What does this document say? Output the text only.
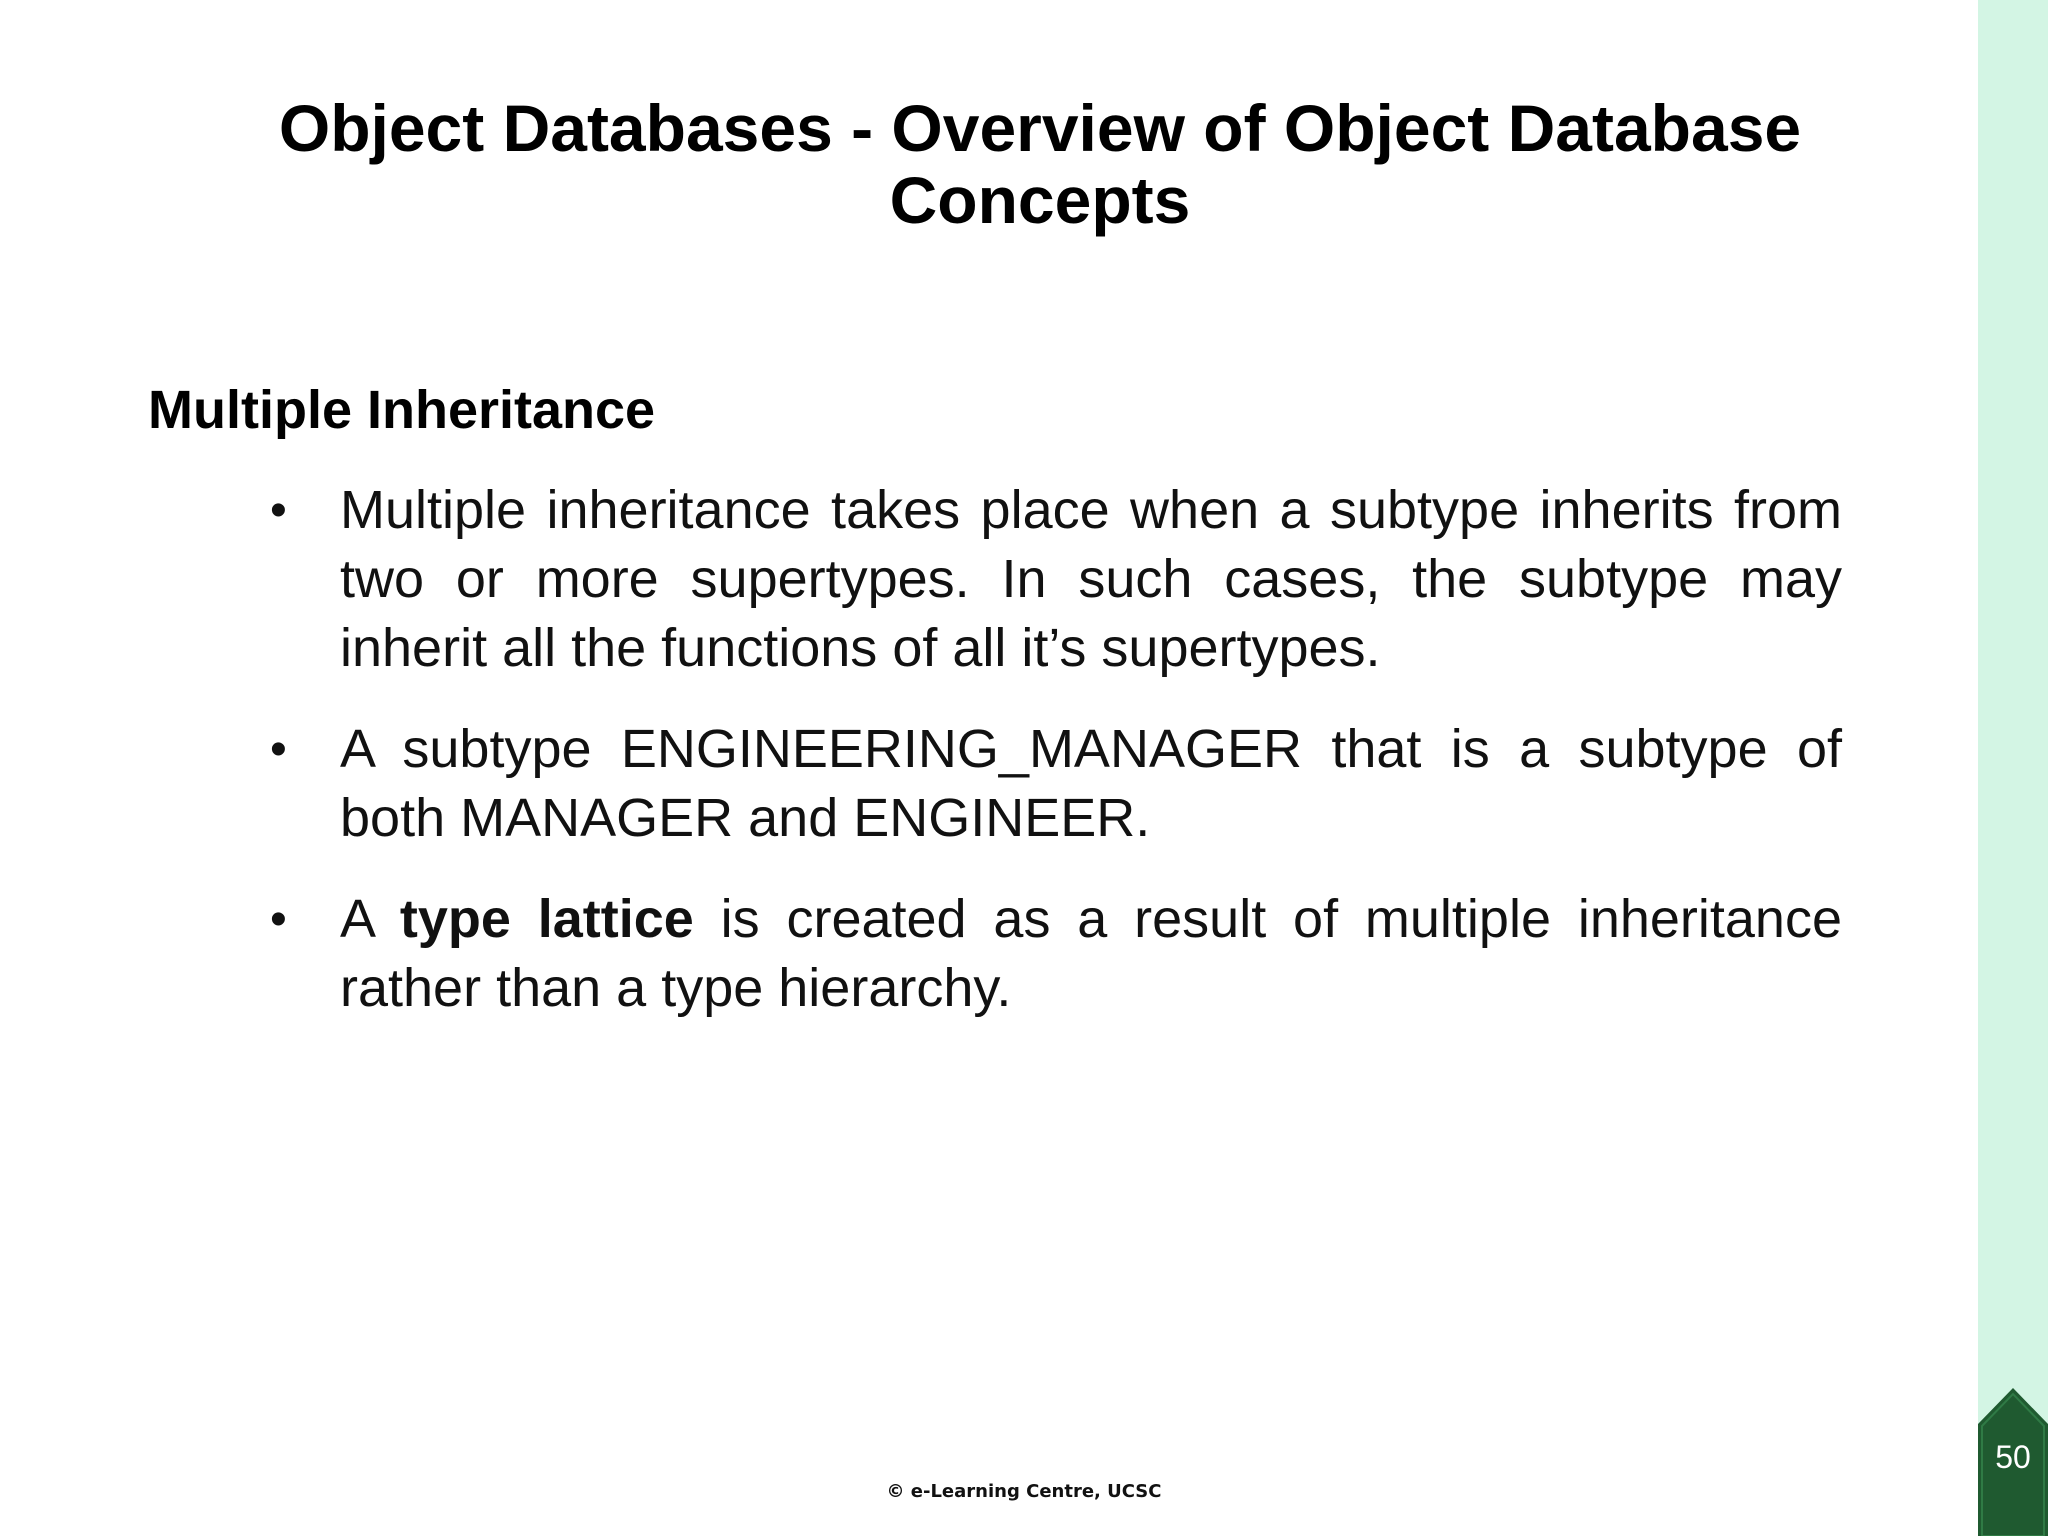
Object Databases - Overview of Object Database Concepts
Multiple Inheritance
• Multiple inheritance takes place when a subtype inherits from two or more supertypes. In such cases, the subtype may inherit all the functions of all it’s supertypes.
• A subtype ENGINEERING_MANAGER that is a subtype of both MANAGER and ENGINEER.
• A type lattice is created as a result of multiple inheritance rather than a type hierarchy.
© e-Learning Centre, UCSC
50
